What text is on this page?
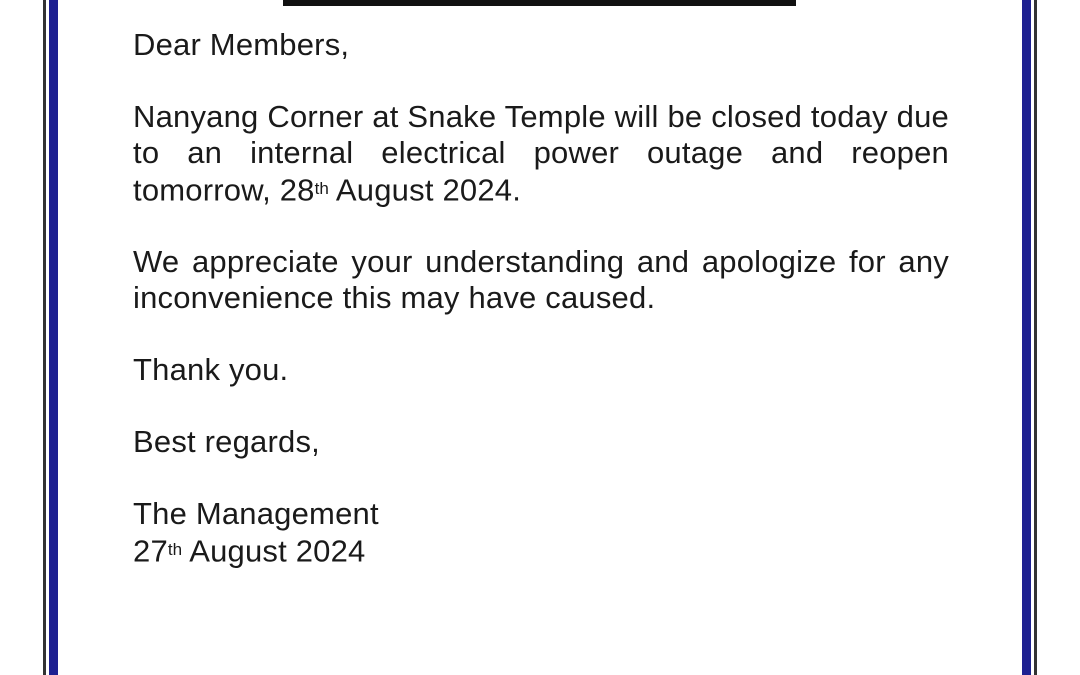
Dear Members,
Nanyang Corner at Snake Temple will be closed today due
to an internal electrical power outage and reopen
tomorrow, 28th August 2024.
We appreciate your understanding and apologize for any
inconvenience this may have caused.
Thank you.
Best regards,
The Management
27th August 2024
